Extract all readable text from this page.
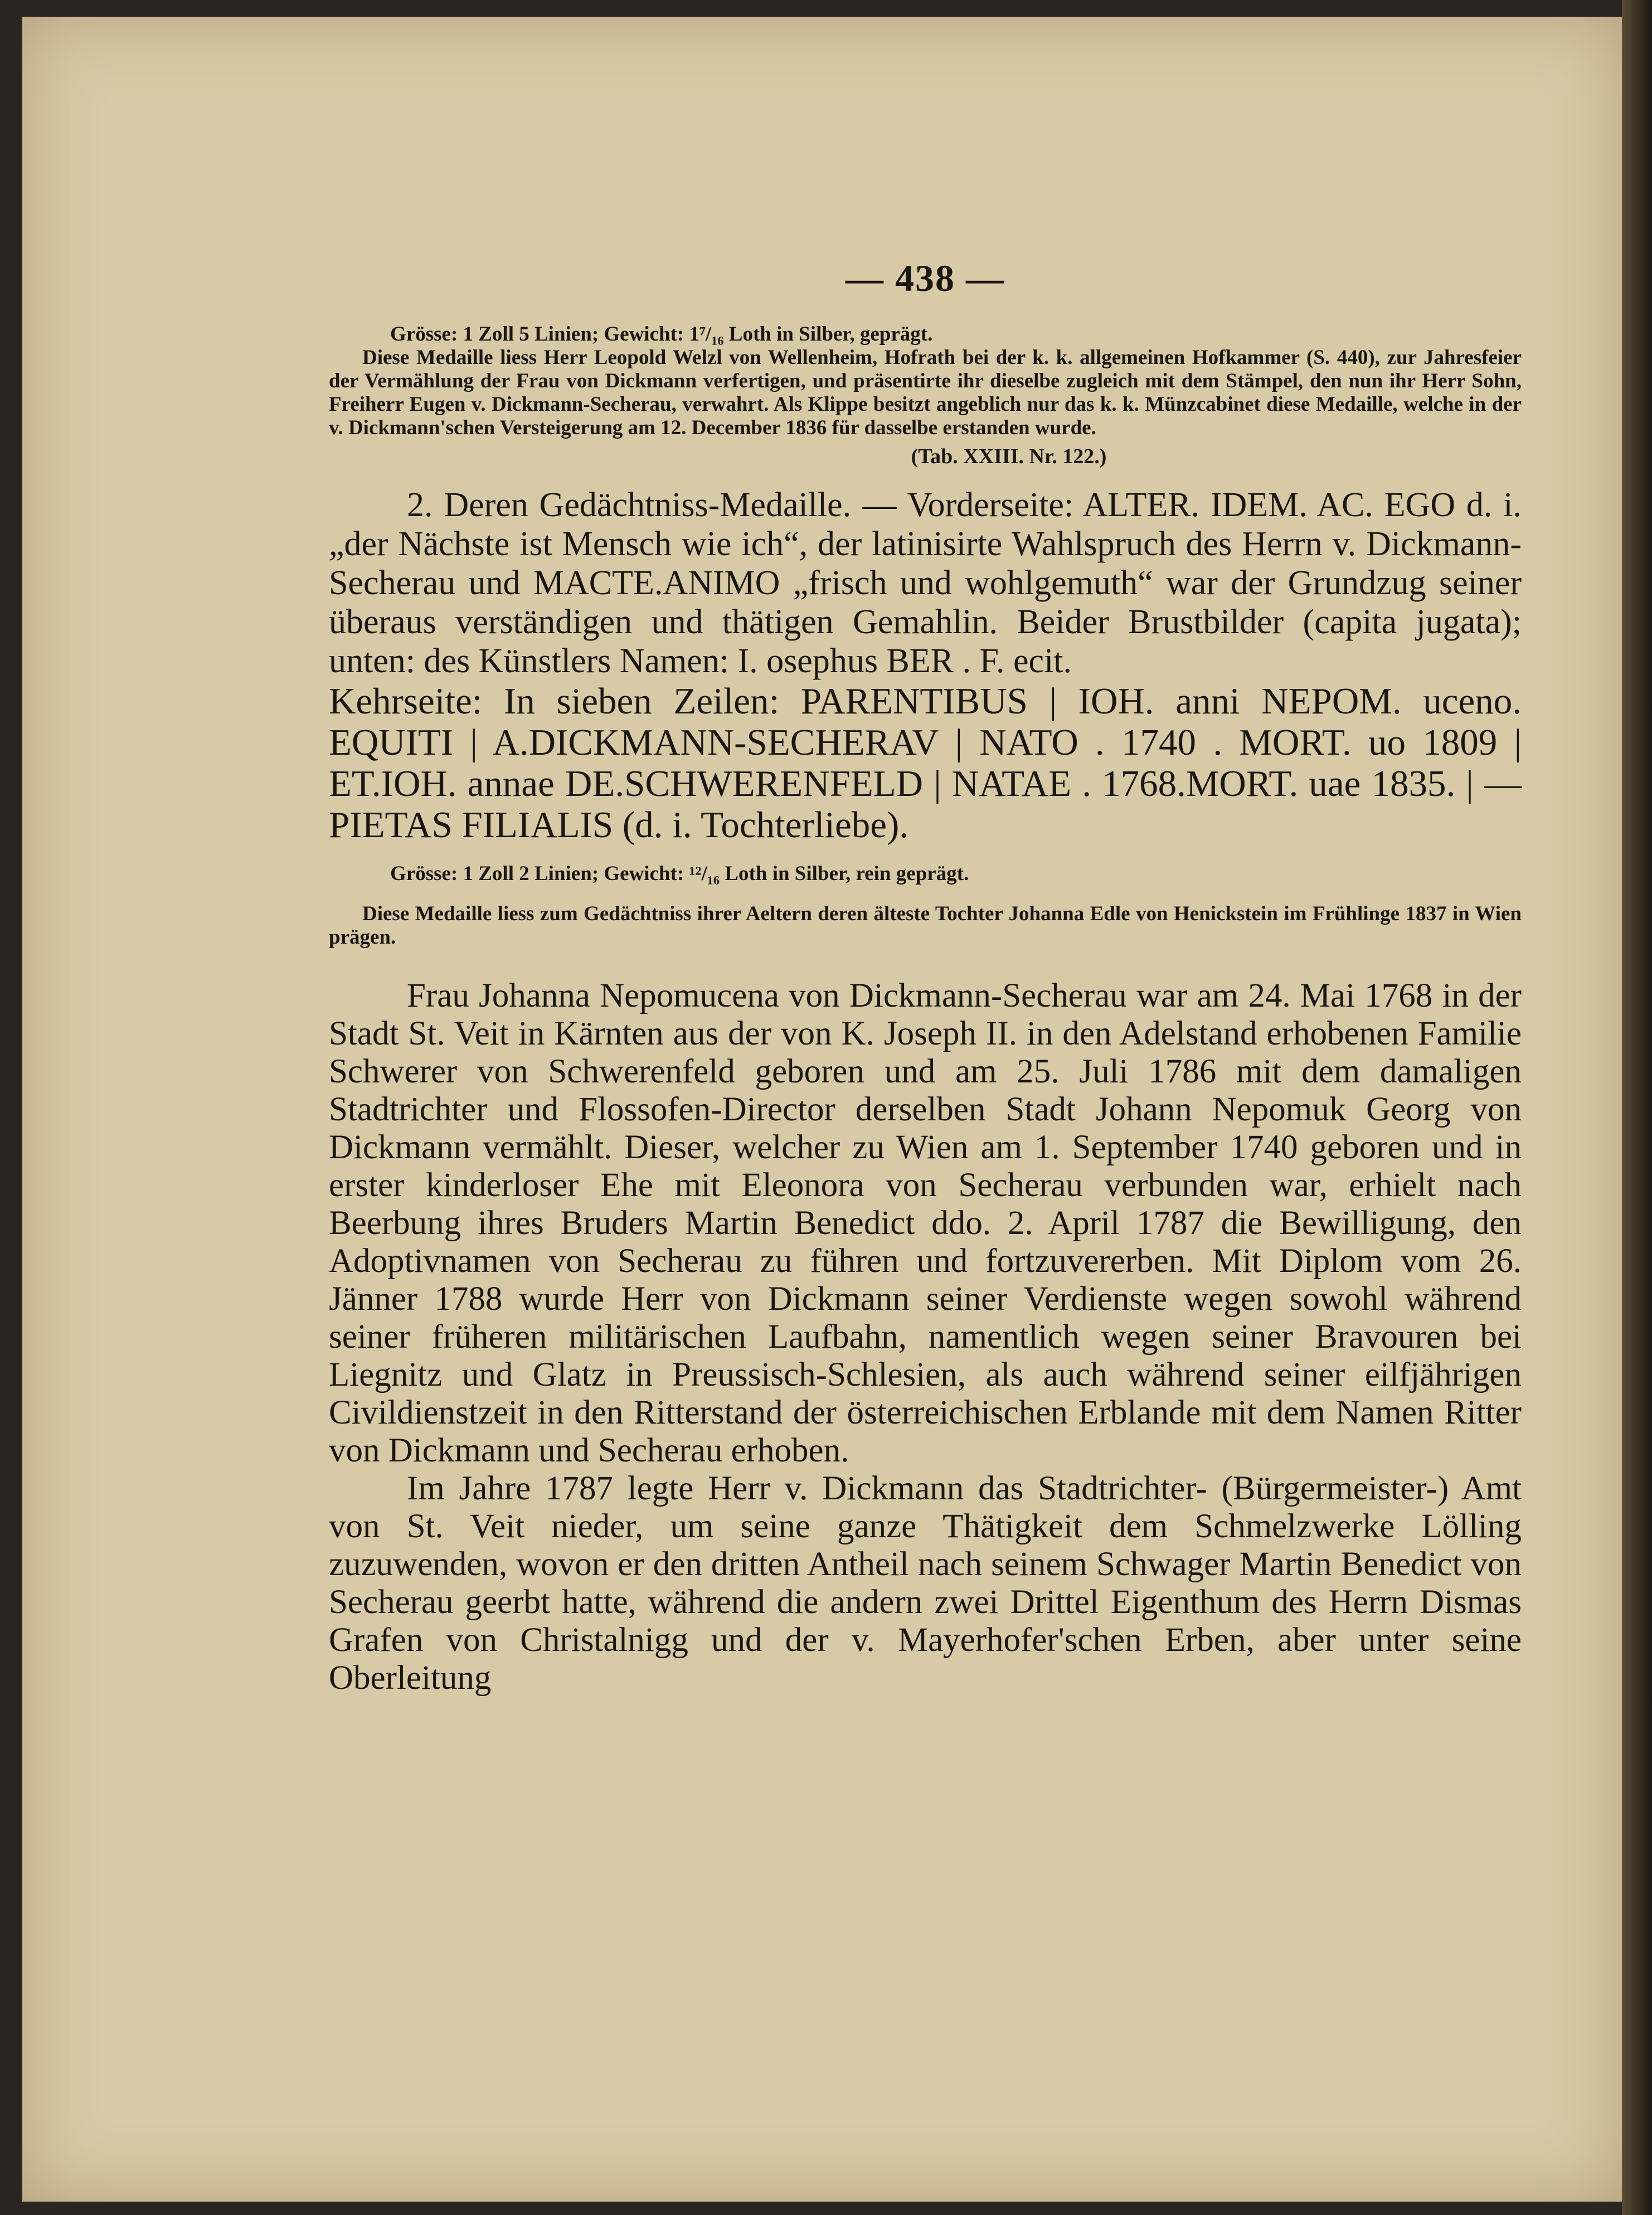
— 438 —

Grösse: 1 Zoll 5 Linien; Gewicht: 1⁷/₁₆ Loth in Silber, geprägt.

Diese Medaille liess Herr Leopold Welzl von Wellenheim, Hofrath bei der k. k. allgemeinen Hofkammer (S. 440), zur Jahresfeier der Vermählung der Frau von Dickmann verfertigen, und präsentirte ihr dieselbe zugleich mit dem Stämpel, den nun ihr Herr Sohn, Freiherr Eugen v. Dickmann-Secherau, verwahrt. Als Klippe besitzt angeblich nur das k. k. Münzcabinet diese Medaille, welche in der v. Dickmann'schen Versteigerung am 12. December 1836 für dasselbe erstanden wurde.

(Tab. XXIII. Nr. 122.)

2. Deren Gedächtniss-Medaille. — Vorderseite: ALTER. IDEM. AC. EGO d. i. „der Nächste ist Mensch wie ich“, der latinisirte Wahlspruch des Herrn v. Dickmann-Secherau und MACTE.ANIMO „frisch und wohlgemuth“ war der Grundzug seiner überaus verständigen und thätigen Gemahlin. Beider Brustbilder (capita jugata); unten: des Künstlers Namen: I. osephus BER . F. ecit.

Kehrseite: In sieben Zeilen: PARENTIBUS | IOH. anni NEPOM. uceno. EQUITI | A.DICKMANN-SECHERAV | NATO . 1740 . MORT. uo 1809 | ET.IOH. annae DE.SCHWERENFELD | NATAE . 1768.MORT. uae 1835. | — PIETAS FILIALIS (d. i. Tochterliebe).

Grösse: 1 Zoll 2 Linien; Gewicht: ¹²/₁₆ Loth in Silber, rein geprägt.

Diese Medaille liess zum Gedächtniss ihrer Aeltern deren älteste Tochter Johanna Edle von Henickstein im Frühlinge 1837 in Wien prägen.

Frau Johanna Nepomucena von Dickmann-Secherau war am 24. Mai 1768 in der Stadt St. Veit in Kärnten aus der von K. Joseph II. in den Adelstand erhobenen Familie Schwerer von Schwerenfeld geboren und am 25. Juli 1786 mit dem damaligen Stadtrichter und Flossofen-Director derselben Stadt Johann Nepomuk Georg von Dickmann vermählt. Dieser, welcher zu Wien am 1. September 1740 geboren und in erster kinderloser Ehe mit Eleonora von Secherau verbunden war, erhielt nach Beerbung ihres Bruders Martin Benedict ddo. 2. April 1787 die Bewilligung, den Adoptivnamen von Secherau zu führen und fortzuvererben. Mit Diplom vom 26. Jänner 1788 wurde Herr von Dickmann seiner Verdienste wegen sowohl während seiner früheren militärischen Laufbahn, namentlich wegen seiner Bravouren bei Liegnitz und Glatz in Preussisch-Schlesien, als auch während seiner eilfjährigen Civildienstzeit in den Ritterstand der österreichischen Erblande mit dem Namen Ritter von Dickmann und Secherau erhoben.

Im Jahre 1787 legte Herr v. Dickmann das Stadtrichter- (Bürgermeister-) Amt von St. Veit nieder, um seine ganze Thätigkeit dem Schmelzwerke Lölling zuzuwenden, wovon er den dritten Antheil nach seinem Schwager Martin Benedict von Secherau geerbt hatte, während die andern zwei Drittel Eigenthum des Herrn Dismas Grafen von Christalnigg und der v. Mayerhofer'schen Erben, aber unter seine Oberleitung
